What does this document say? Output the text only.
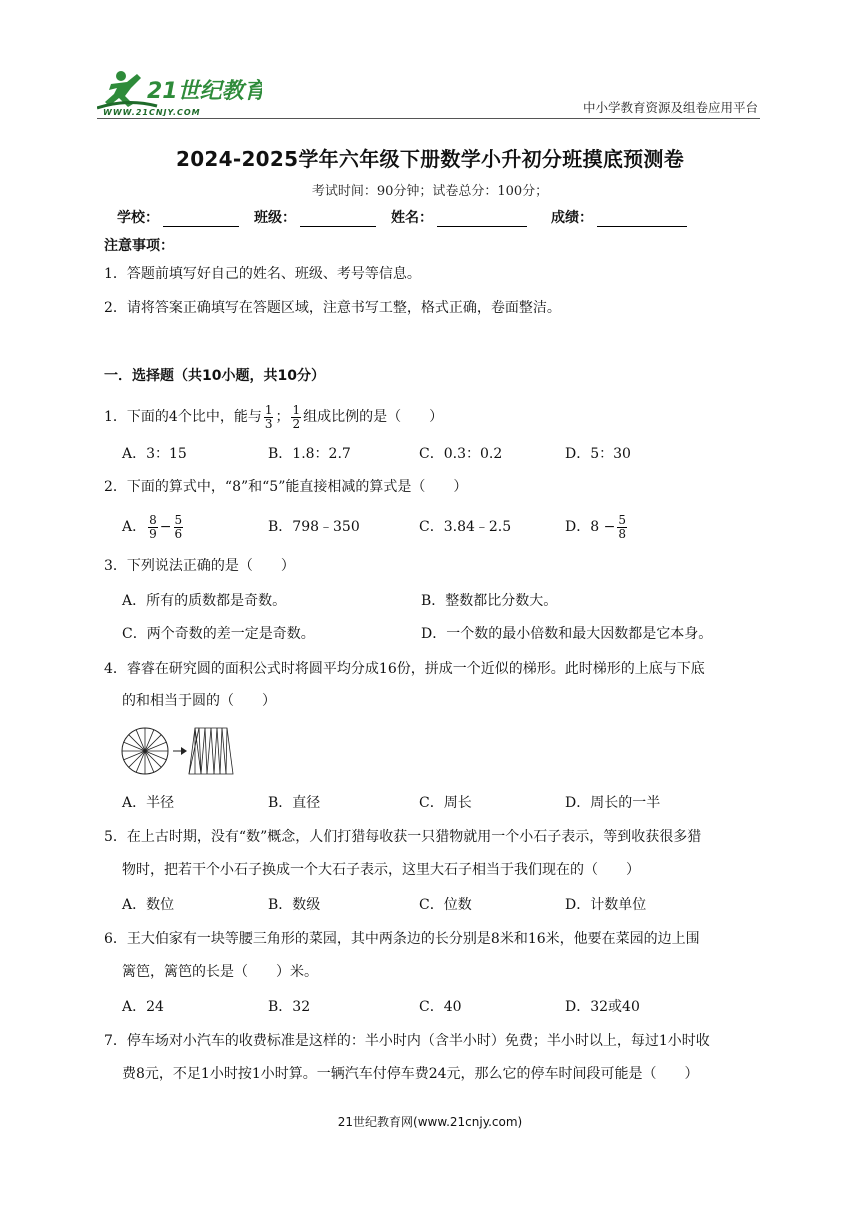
21世纪教育
WWW.21CNJY.COM	中小学教育资源及组卷应用平台
2024-2025学年六年级下册数学小升初分班摸底预测卷
考试时间：90分钟；试卷总分：100分；
学校：	班级：	姓名：	成绩：
注意事项：
1．答题前填写好自己的姓名、班级、考号等信息。
2．请将答案正确填写在答题区域，注意书写工整，格式正确，卷面整洁。
一．选择题（共10小题，共10分）
1．下面的4个比中，能与 $\frac{1}{3}$ ； $\frac{1}{2}$ 组成比例的是（　　）
A．3：15	B．1.8：2.7	C．0.3：0.2	D．5：30
2．下面的算式中，“8”和“5”能直接相减的算式是（　　）
A． $\frac{8}{9} - \frac{5}{6}$	B．798﹣350	C．3.84﹣2.5	D．$8 - \frac{5}{8}$
3．下列说法正确的是（　　）
A．所有的质数都是奇数。	B．整数都比分数大。
C．两个奇数的差一定是奇数。	D．一个数的最小倍数和最大因数都是它本身。
4．睿睿在研究圆的面积公式时将圆平均分成16份，拼成一个近似的梯形。此时梯形的上底与下底
的和相当于圆的（　　）
A．半径	B．直径	C．周长	D．周长的一半
5．在上古时期，没有“数”概念，人们打猎每收获一只猎物就用一个小石子表示，等到收获很多猎
物时，把若干个小石子换成一个大石子表示，这里大石子相当于我们现在的（　　）
A．数位	B．数级	C．位数	D．计数单位
6．王大伯家有一块等腰三角形的菜园，其中两条边的长分别是8米和16米，他要在菜园的边上围
篱笆，篱笆的长是（　　）米。
A．24	B．32	C．40	D．32或40
7．停车场对小汽车的收费标准是这样的：半小时内（含半小时）免费；半小时以上，每过1小时收
费8元，不足1小时按1小时算。一辆汽车付停车费24元，那么它的停车时间段可能是（　　）
21世纪教育网(www.21cnjy.com)
